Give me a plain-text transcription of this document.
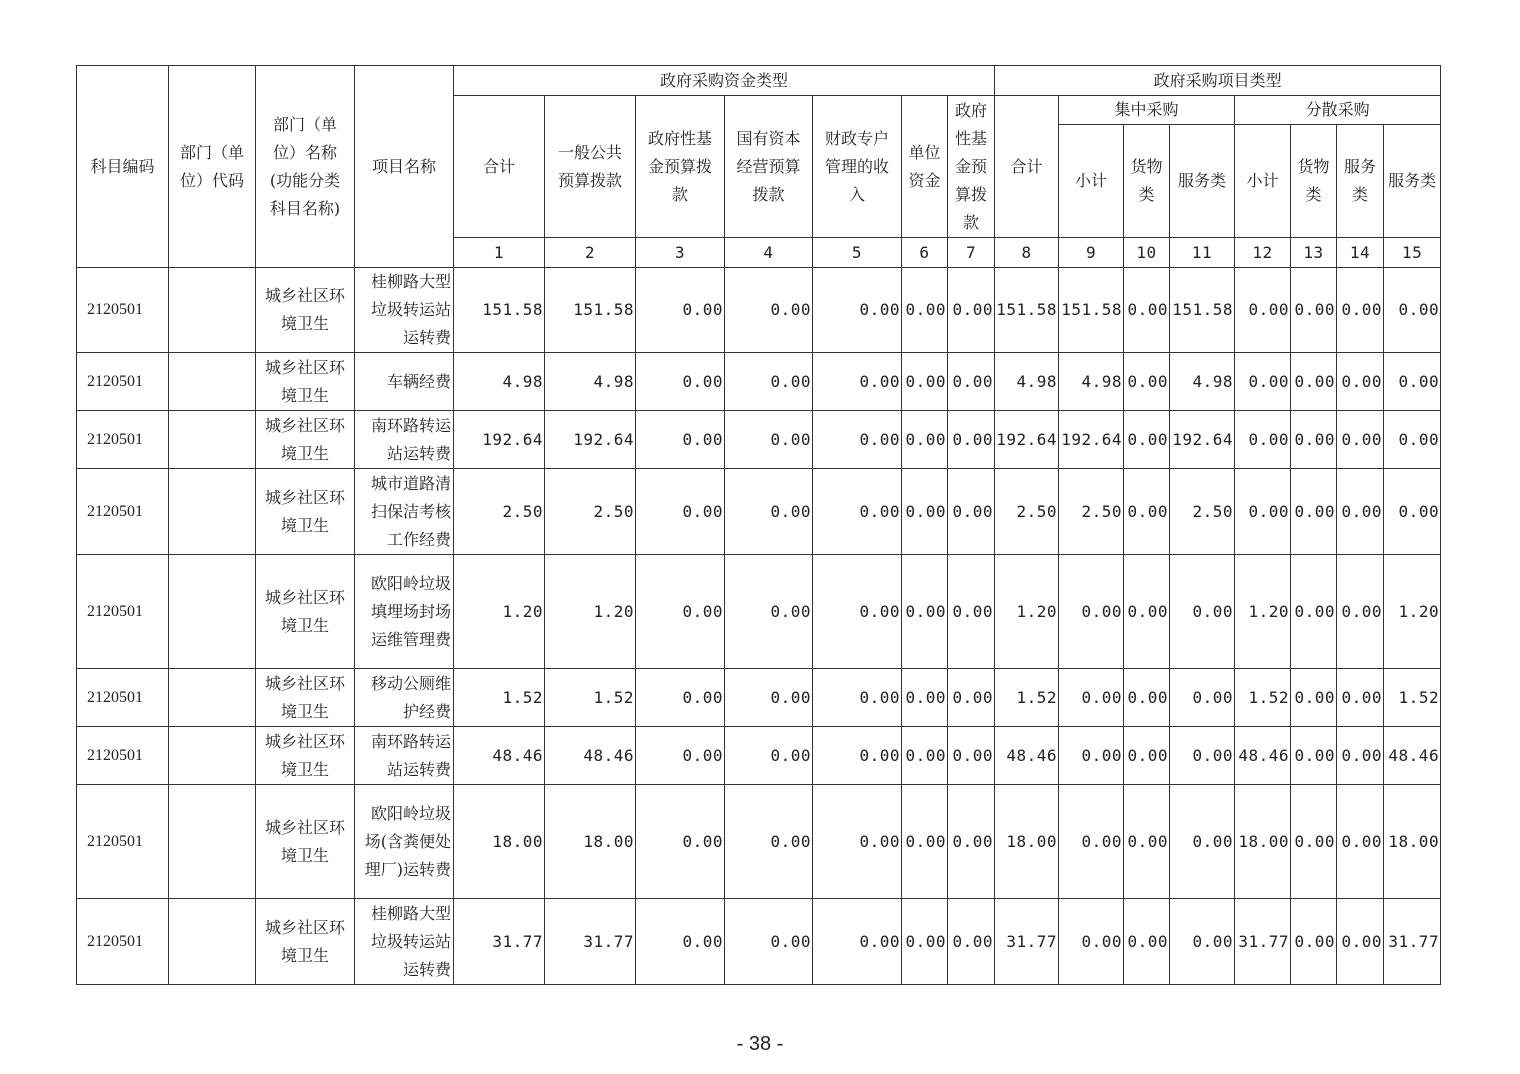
科目编码	部门（单位）代码	部门（单位）名称(功能分类科目名称)	项目名称	政府采购资金类型							政府采购项目类型							
				合计	一般公共预算拨款	政府性基金预算拨款	国有资本经营预算拨款	财政专户管理的收入	单位资金	政府性基金预算拨款	合计	集中采购			分散采购			
												小计	货物类	服务类	小计	货物类	服务类	服务类
				1	2	3	4	5	6	7	8	9	10	11	12	13	14	15
2120501		城乡社区环境卫生	桂柳路大型垃圾转运站运转费	151.58	151.58	0.00	0.00	0.00	0.00	0.00	151.58	151.58	0.00	151.58	0.00	0.00	0.00	0.00
2120501		城乡社区环境卫生	车辆经费	4.98	4.98	0.00	0.00	0.00	0.00	0.00	4.98	4.98	0.00	4.98	0.00	0.00	0.00	0.00
2120501		城乡社区环境卫生	南环路转运站运转费	192.64	192.64	0.00	0.00	0.00	0.00	0.00	192.64	192.64	0.00	192.64	0.00	0.00	0.00	0.00
2120501		城乡社区环境卫生	城市道路清扫保洁考核工作经费	2.50	2.50	0.00	0.00	0.00	0.00	0.00	2.50	2.50	0.00	2.50	0.00	0.00	0.00	0.00
2120501		城乡社区环境卫生	欧阳岭垃圾填埋场封场运维管理费	1.20	1.20	0.00	0.00	0.00	0.00	0.00	1.20	0.00	0.00	0.00	1.20	0.00	0.00	1.20
2120501		城乡社区环境卫生	移动公厕维护经费	1.52	1.52	0.00	0.00	0.00	0.00	0.00	1.52	0.00	0.00	0.00	1.52	0.00	0.00	1.52
2120501		城乡社区环境卫生	南环路转运站运转费	48.46	48.46	0.00	0.00	0.00	0.00	0.00	48.46	0.00	0.00	0.00	48.46	0.00	0.00	48.46
2120501		城乡社区环境卫生	欧阳岭垃圾场(含粪便处理厂)运转费	18.00	18.00	0.00	0.00	0.00	0.00	0.00	18.00	0.00	0.00	0.00	18.00	0.00	0.00	18.00
2120501		城乡社区环境卫生	桂柳路大型垃圾转运站运转费	31.77	31.77	0.00	0.00	0.00	0.00	0.00	31.77	0.00	0.00	0.00	31.77	0.00	0.00	31.77
- 38 -
